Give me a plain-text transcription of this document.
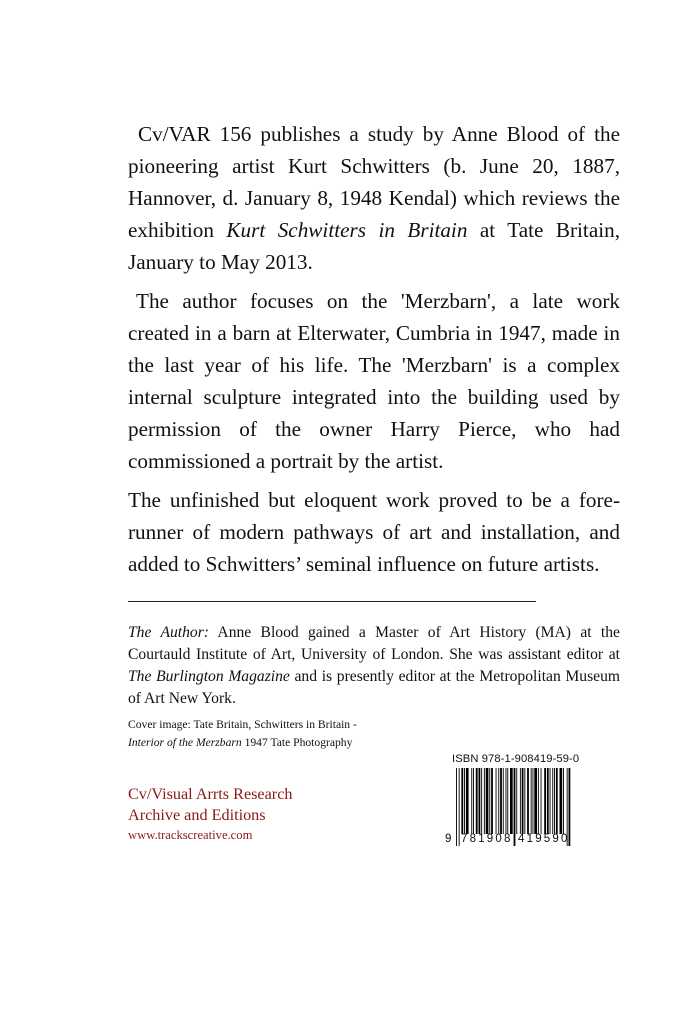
Cv/VAR 156 publishes a study by Anne Blood of the pioneering artist Kurt Schwitters (b. June 20, 1887, Hannover, d. January 8, 1948 Kendal) which reviews the exhibition Kurt Schwitters in Britain at Tate Britain, January to May 2013.

The author focuses on the 'Merzbarn', a late work created in a barn at Elterwater, Cumbria in 1947, made in the last year of his life. The 'Merzbarn' is a complex internal sculpture integrated into the building used by permission of the owner Harry Pierce, who had commissioned a portrait by the artist.

The unfinished but eloquent work proved to be a fore-runner of modern pathways of art and installation, and added to Schwitters’ seminal influence on future artists.

The Author: Anne Blood gained a Master of Art History (MA) at the Courtauld Institute of Art, University of London. She was assistant editor at The Burlington Magazine and is presently editor at the Metropolitan Museum of Art New York.

Cover image: Tate Britain, Schwitters in Britain -
Interior of the Merzbarn 1947 Tate Photography
Cv/Visual Arrts Research
Archive and Editions
www.trackscreative.com
ISBN 978-1-908419-59-0
9 781908 419590
